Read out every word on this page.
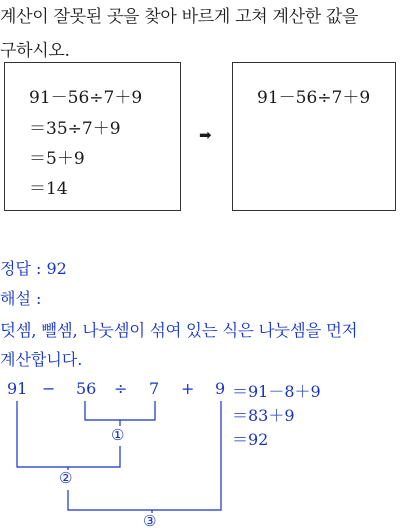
계산이 잘못된 곳을 찾아 바르게 고쳐 계산한 값을
구하시오.
91－56÷7＋9
＝35÷7＋9
＝5＋9
＝14
➡
91－56÷7＋9
정답 : 92
해설 :
덧셈, 뺄셈, 나눗셈이 섞여 있는 식은 나눗셈을 먼저
계산합니다.
91 − 56 ÷ 7 + 9 ＝91－8＋9
＝83＋9
＝92
①
②
③
